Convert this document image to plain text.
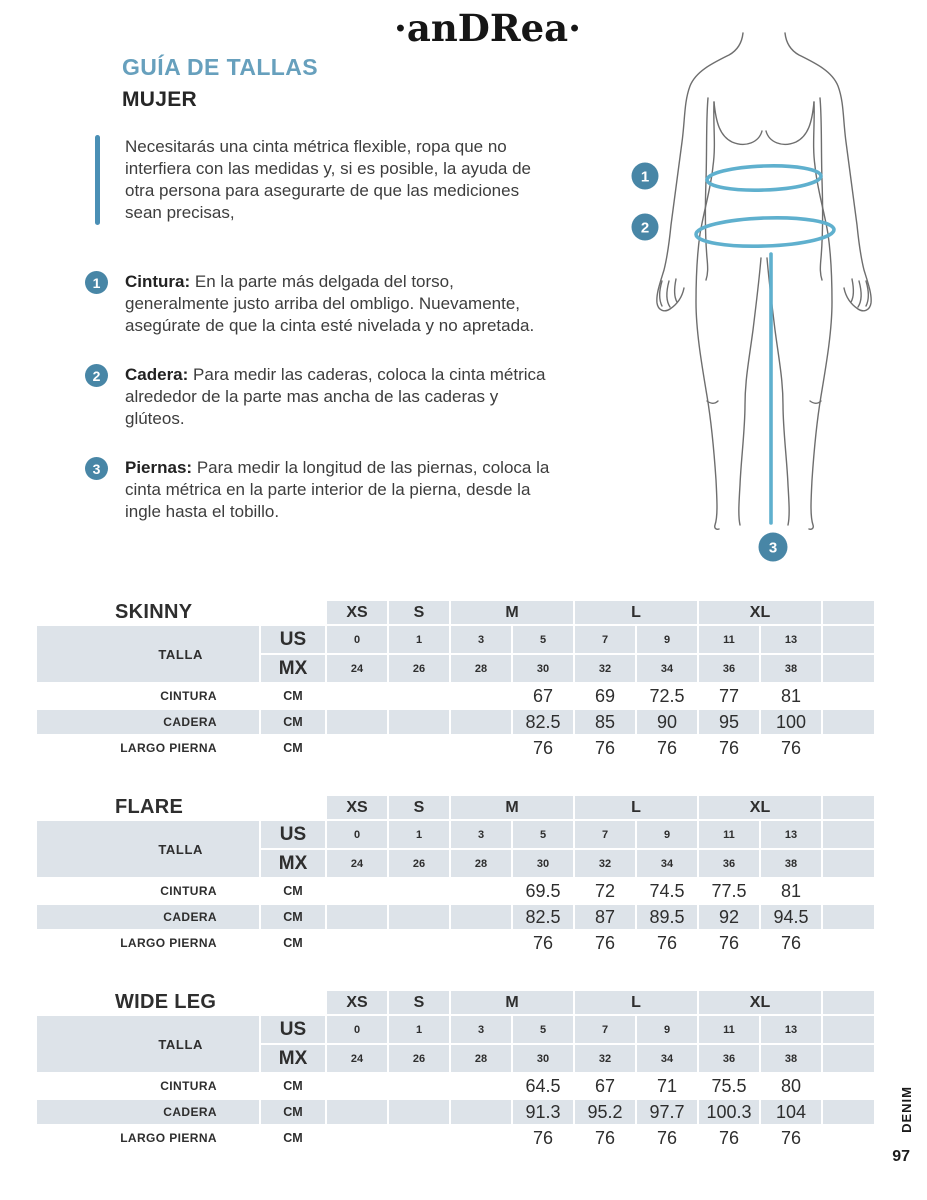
·anDRea·
GUÍA DE TALLAS
MUJER

Necesitarás una cinta métrica flexible, ropa que no interfiera con las medidas y, si es posible, la ayuda de otra persona para asegurarte de que las mediciones sean precisas,

1	Cintura: En la parte más delgada del torso, generalmente justo arriba del ombligo. Nuevamente, asegúrate de que la cinta esté nivelada y no apretada.

2	Cadera: Para medir las caderas, coloca la cinta métrica alrededor de la parte mas ancha de las caderas y glúteos.

3	Piernas: Para medir la longitud de las piernas, coloca la cinta métrica en la parte interior de la pierna, desde la ingle hasta el tobillo.

1
2
3
SKINNY		XS	S	M		L		XL		
TALLA	US	0	1	3	5	7	9	11	13	
	MX	24	26	28	30	32	34	36	38	
CINTURA	CM				67	69	72.5	77	81	
CADERA	CM				82.5	85	90	95	100	
LARGO PIERNA	CM				76	76	76	76	76	
FLARE		XS	S	M		L		XL		
TALLA	US	0	1	3	5	7	9	11	13	
	MX	24	26	28	30	32	34	36	38	
CINTURA	CM				69.5	72	74.5	77.5	81	
CADERA	CM				82.5	87	89.5	92	94.5	
LARGO PIERNA	CM				76	76	76	76	76	
WIDE LEG		XS	S	M		L		XL		
TALLA	US	0	1	3	5	7	9	11	13	
	MX	24	26	28	30	32	34	36	38	
CINTURA	CM				64.5	67	71	75.5	80	
CADERA	CM				91.3	95.2	97.7	100.3	104	
LARGO PIERNA	CM				76	76	76	76	76	
DENIM
97
